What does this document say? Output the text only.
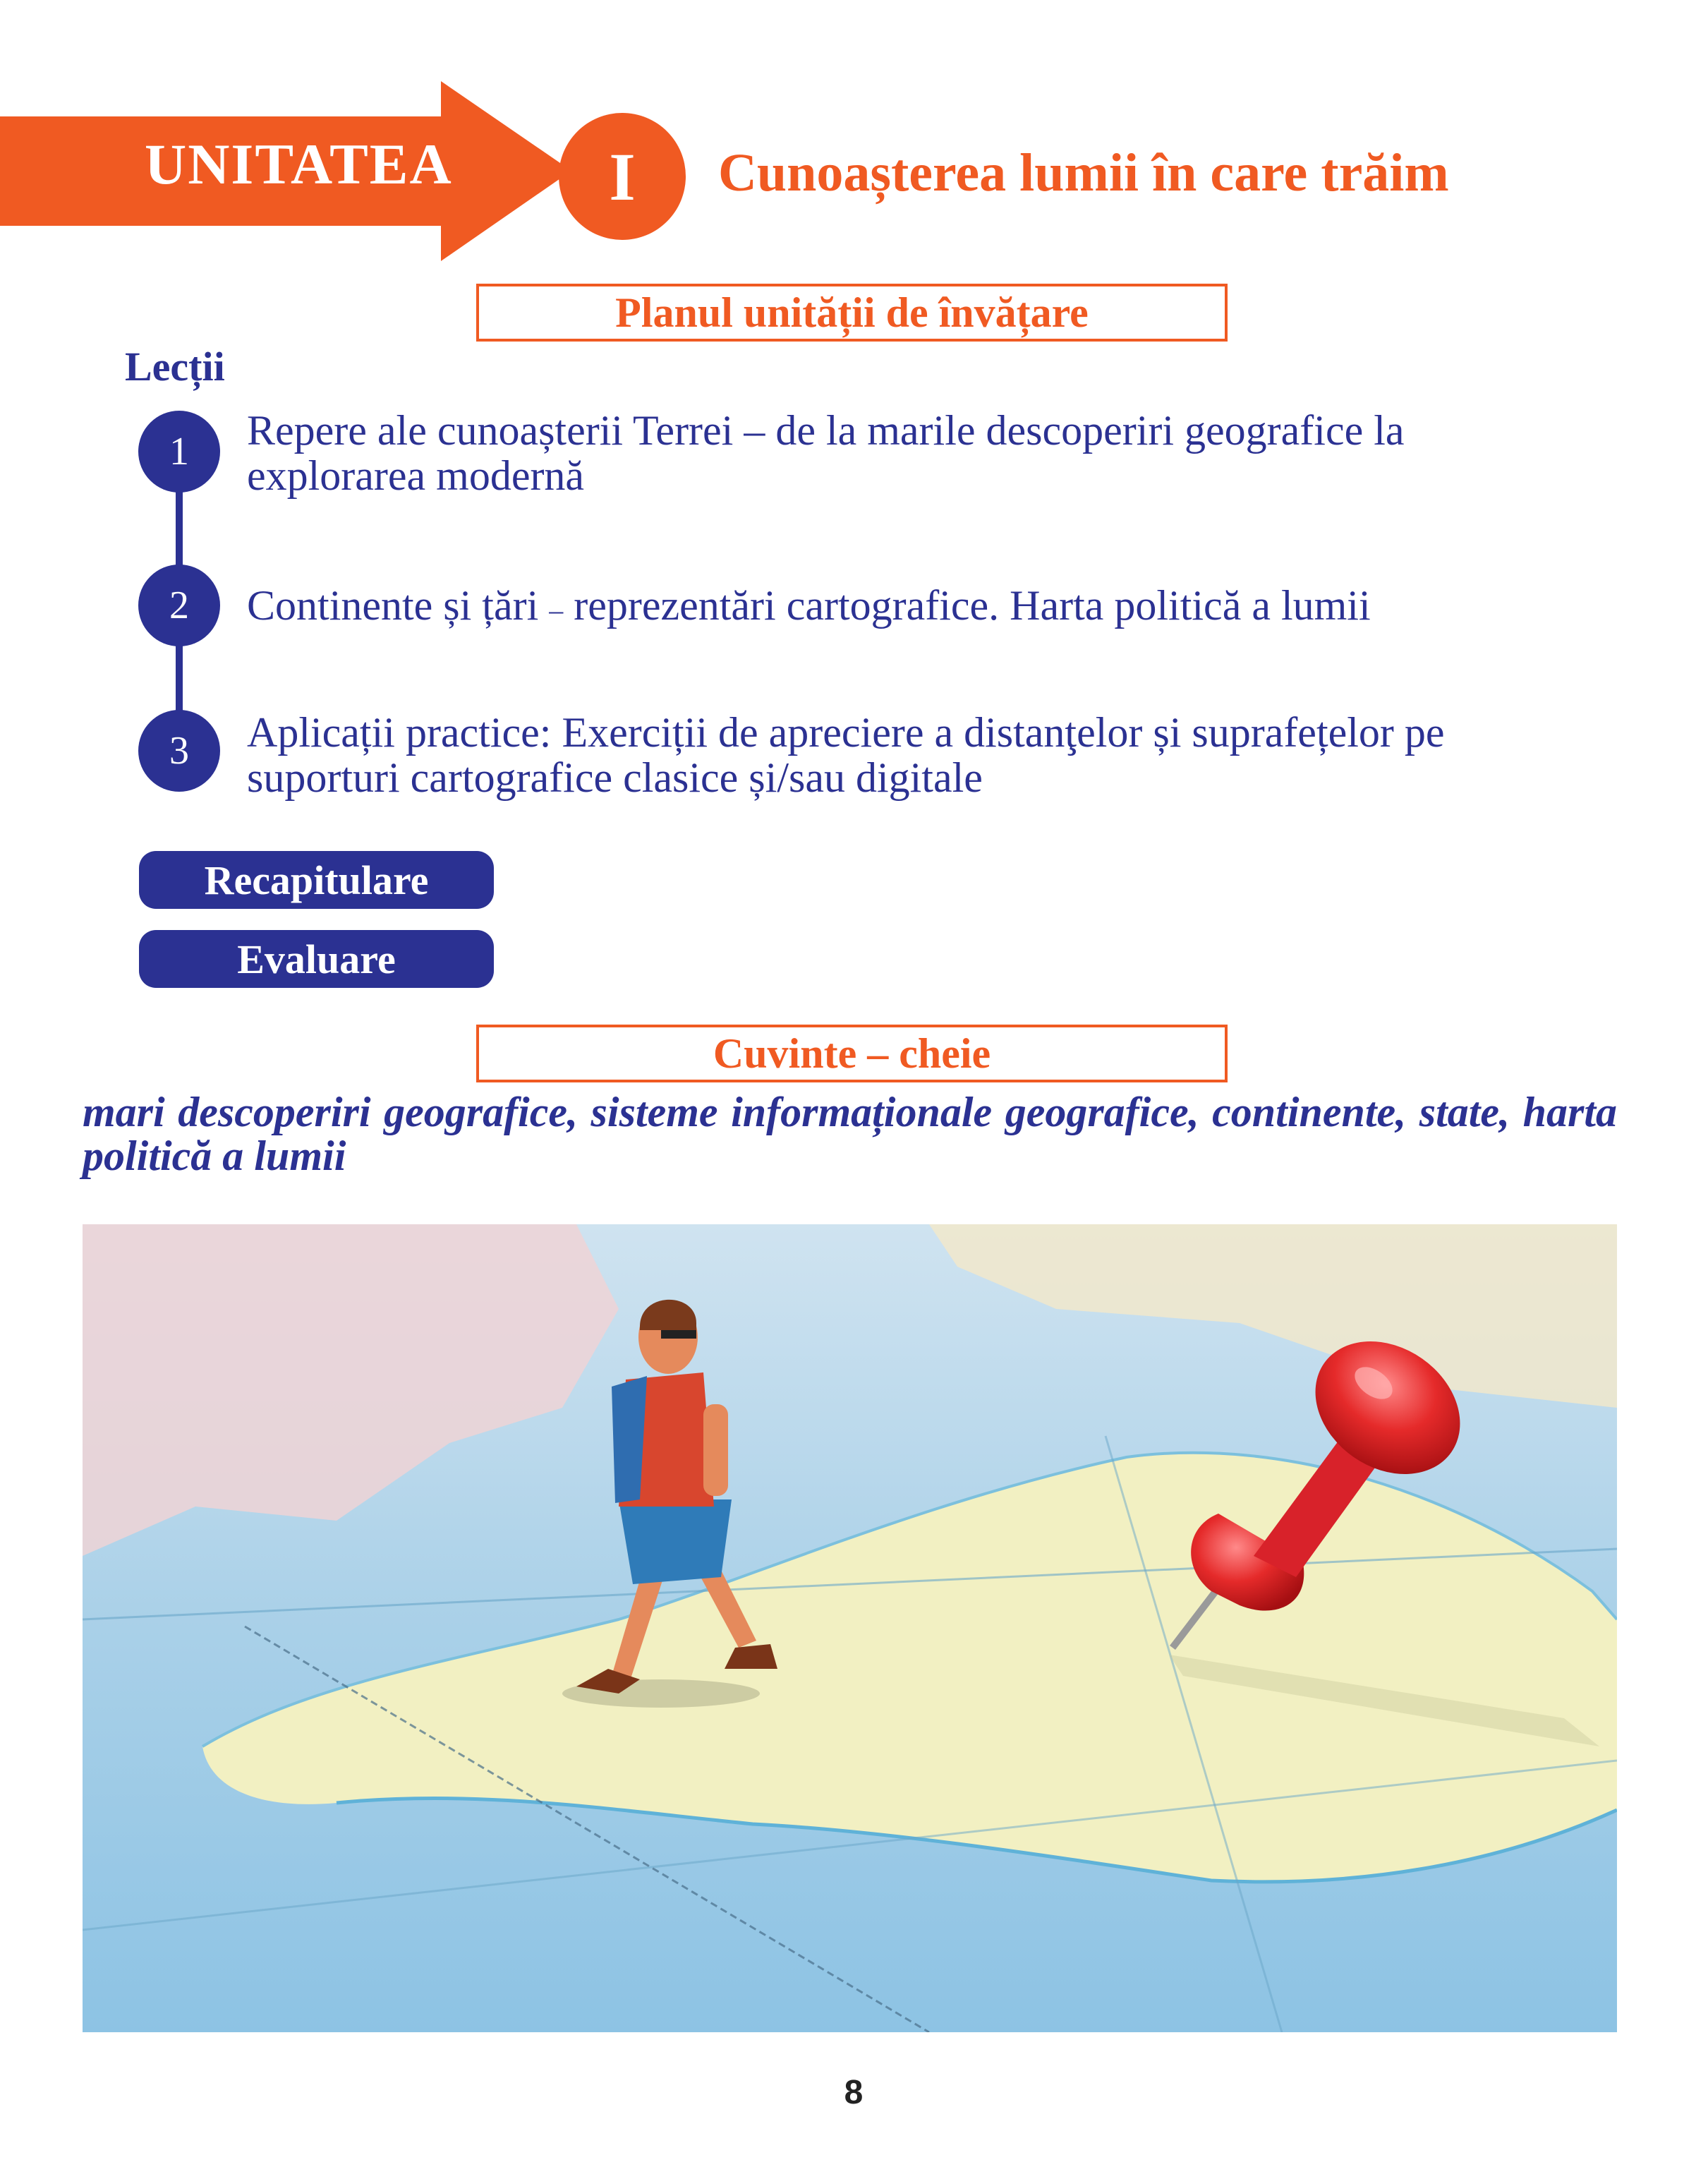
UNITATEA	I	Cunoașterea lumii în care trăim
Planul unității de învățare
Lecții
1	Repere ale cunoașterii Terrei – de la marile descoperiri geografice la
explorarea modernă
2	Continente și țări – reprezentări cartografice. Harta politică a lumii
3	Aplicații practice: Exerciții de apreciere a distanţelor și suprafețelor pe
suporturi cartografice clasice și/sau digitale
Recapitulare
Evaluare
Cuvinte – cheie
mari descoperiri geografice, sisteme informaționale geografice, continente, state, harta politică a lumii
8
